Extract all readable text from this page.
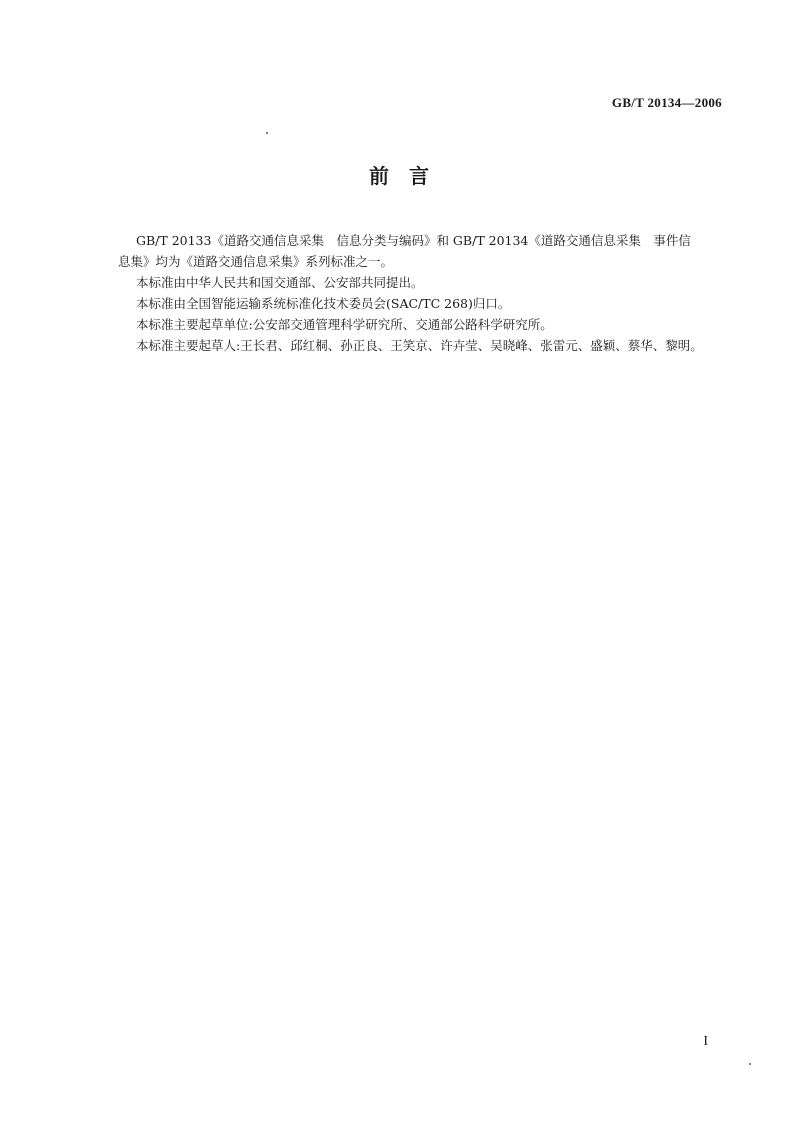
GB/T 20134—2006
前　言
GB/T 20133《道路交通信息采集　信息分类与编码》和 GB/T 20134《道路交通信息采集　事件信
息集》均为《道路交通信息采集》系列标准之一。
本标准由中华人民共和国交通部、公安部共同提出。
本标准由全国智能运输系统标准化技术委员会(SAC/TC 268)归口。
本标准主要起草单位:公安部交通管理科学研究所、交通部公路科学研究所。
本标准主要起草人:王长君、邱红桐、孙正良、王笑京、许卉莹、吴晓峰、张雷元、盛颖、蔡华、黎明。
I
